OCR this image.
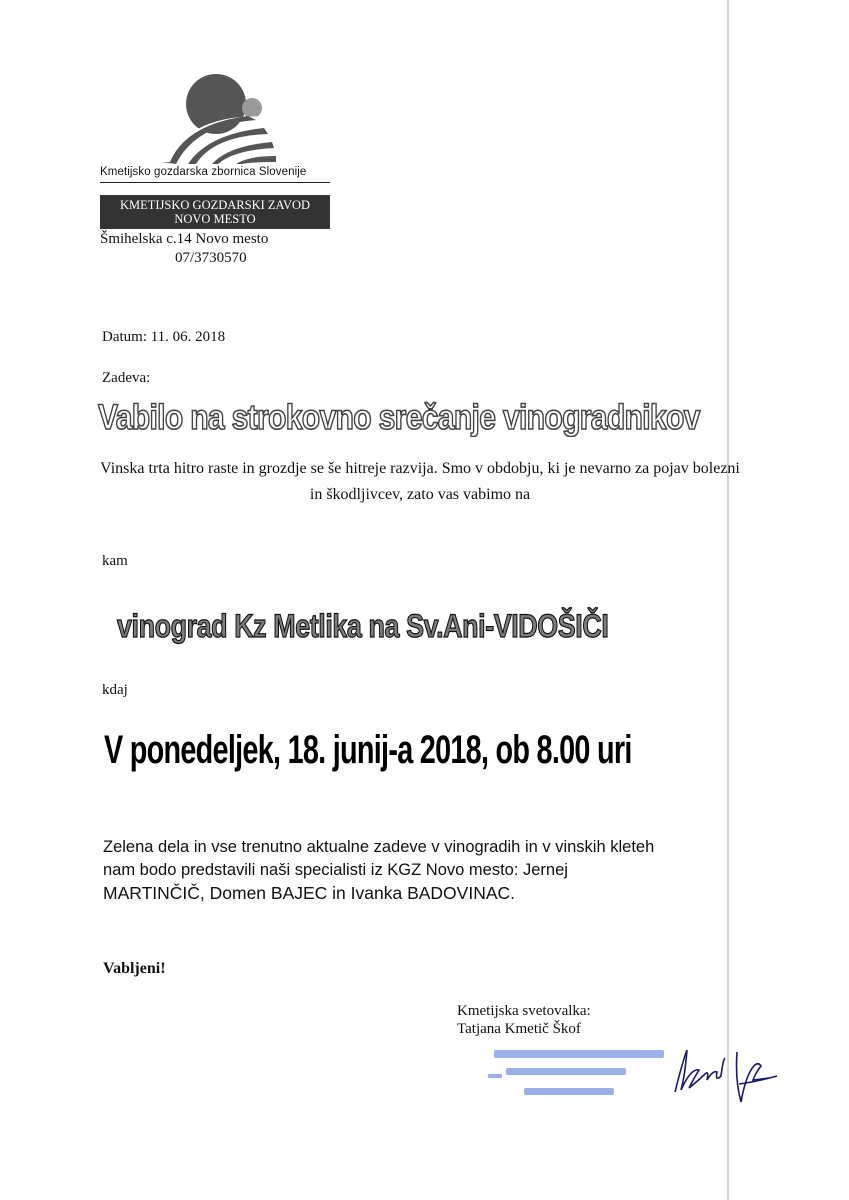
Kmetijsko gozdarska zbornica Slovenije
KMETIJSKO GOZDARSKI ZAVOD
NOVO MESTO
Šmihelska c.14 Novo mesto
07/3730570
Datum: 11. 06. 2018
Zadeva:
Vabilo na strokovno srečanje vinogradnikov
Vinska trta hitro raste in grozdje se še hitreje razvija. Smo v obdobju, ki je nevarno za pojav bolezni in škodljivcev, zato vas vabimo na
kam
vinograd Kz Metlika na Sv.Ani-VIDOŠIČI
kdaj
V ponedeljek, 18. junij-a 2018, ob 8.00 uri
Zelena dela in vse trenutno aktualne zadeve v vinogradih in v vinskih kleteh
nam bodo predstavili naši specialisti iz KGZ Novo mesto: Jernej
MARTINČIČ, Domen BAJEC in Ivanka BADOVINAC.
Vabljeni!
Kmetijska svetovalka:
Tatjana Kmetič Škof
